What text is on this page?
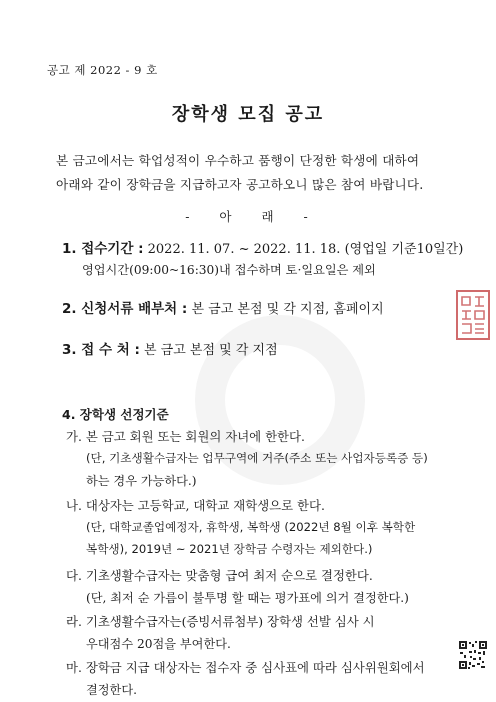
공고 제 2022 - 9 호
장학생 모집 공고
본 금고에서는 학업성적이 우수하고 품행이 단정한 학생에 대하여
아래와 같이 장학금을 지급하고자 공고하오니 많은 참여 바랍니다.
- 아 래 -
1. 접수기간 : 2022. 11. 07. ~ 2022. 11. 18. (영업일 기준10일간)
영업시간(09:00~16:30)내 접수하며 토·일요일은 제외
2. 신청서류 배부처 : 본 금고 본점 및 각 지점, 홈페이지
3. 접 수 처 : 본 금고 본점 및 각 지점
4. 장학생 선정기준
가. 본 금고 회원 또는 회원의 자녀에 한한다.
(단, 기초생활수급자는 업무구역에 거주(주소 또는 사업자등록증 등)
하는 경우 가능하다.)
나. 대상자는 고등학교, 대학교 재학생으로 한다.
(단, 대학교졸업예정자, 휴학생, 복학생 (2022년 8월 이후 복학한
복학생), 2019년 ~ 2021년 장학금 수령자는 제외한다.)
다. 기초생활수급자는 맞춤형 급여 최저 순으로 결정한다.
(단, 최저 순 가름이 불투명 할 때는 평가표에 의거 결정한다.)
라. 기초생활수급자는(증빙서류첨부) 장학생 선발 심사 시
우대점수 20점을 부여한다.
마. 장학금 지급 대상자는 접수자 중 심사표에 따라 심사위원회에서
결정한다.
